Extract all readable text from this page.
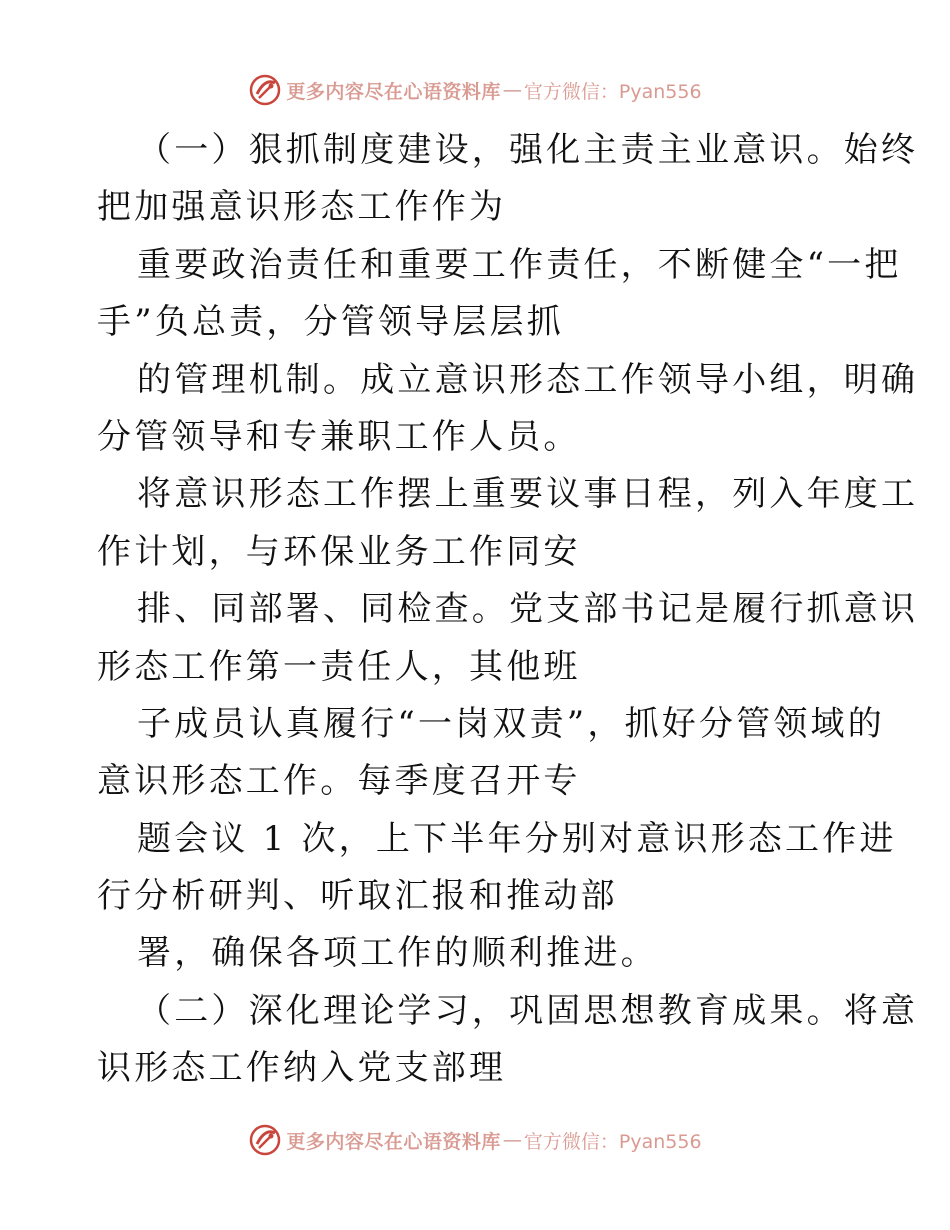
更多内容尽在心语资料库 — 官方微信：Pyan556
（一）狠抓制度建设，强化主责主业意识。始终
把加强意识形态工作作为
重要政治责任和重要工作责任，不断健全“一把
手”负总责，分管领导层层抓
的管理机制。成立意识形态工作领导小组，明确
分管领导和专兼职工作人员。
将意识形态工作摆上重要议事日程，列入年度工
作计划，与环保业务工作同安
排、同部署、同检查。党支部书记是履行抓意识
形态工作第一责任人，其他班
子成员认真履行“一岗双责”，抓好分管领域的
意识形态工作。每季度召开专
题会议 1 次，上下半年分别对意识形态工作进
行分析研判、听取汇报和推动部
署，确保各项工作的顺利推进。
（二）深化理论学习，巩固思想教育成果。将意
识形态工作纳入党支部理
更多内容尽在心语资料库 — 官方微信：Pyan556
